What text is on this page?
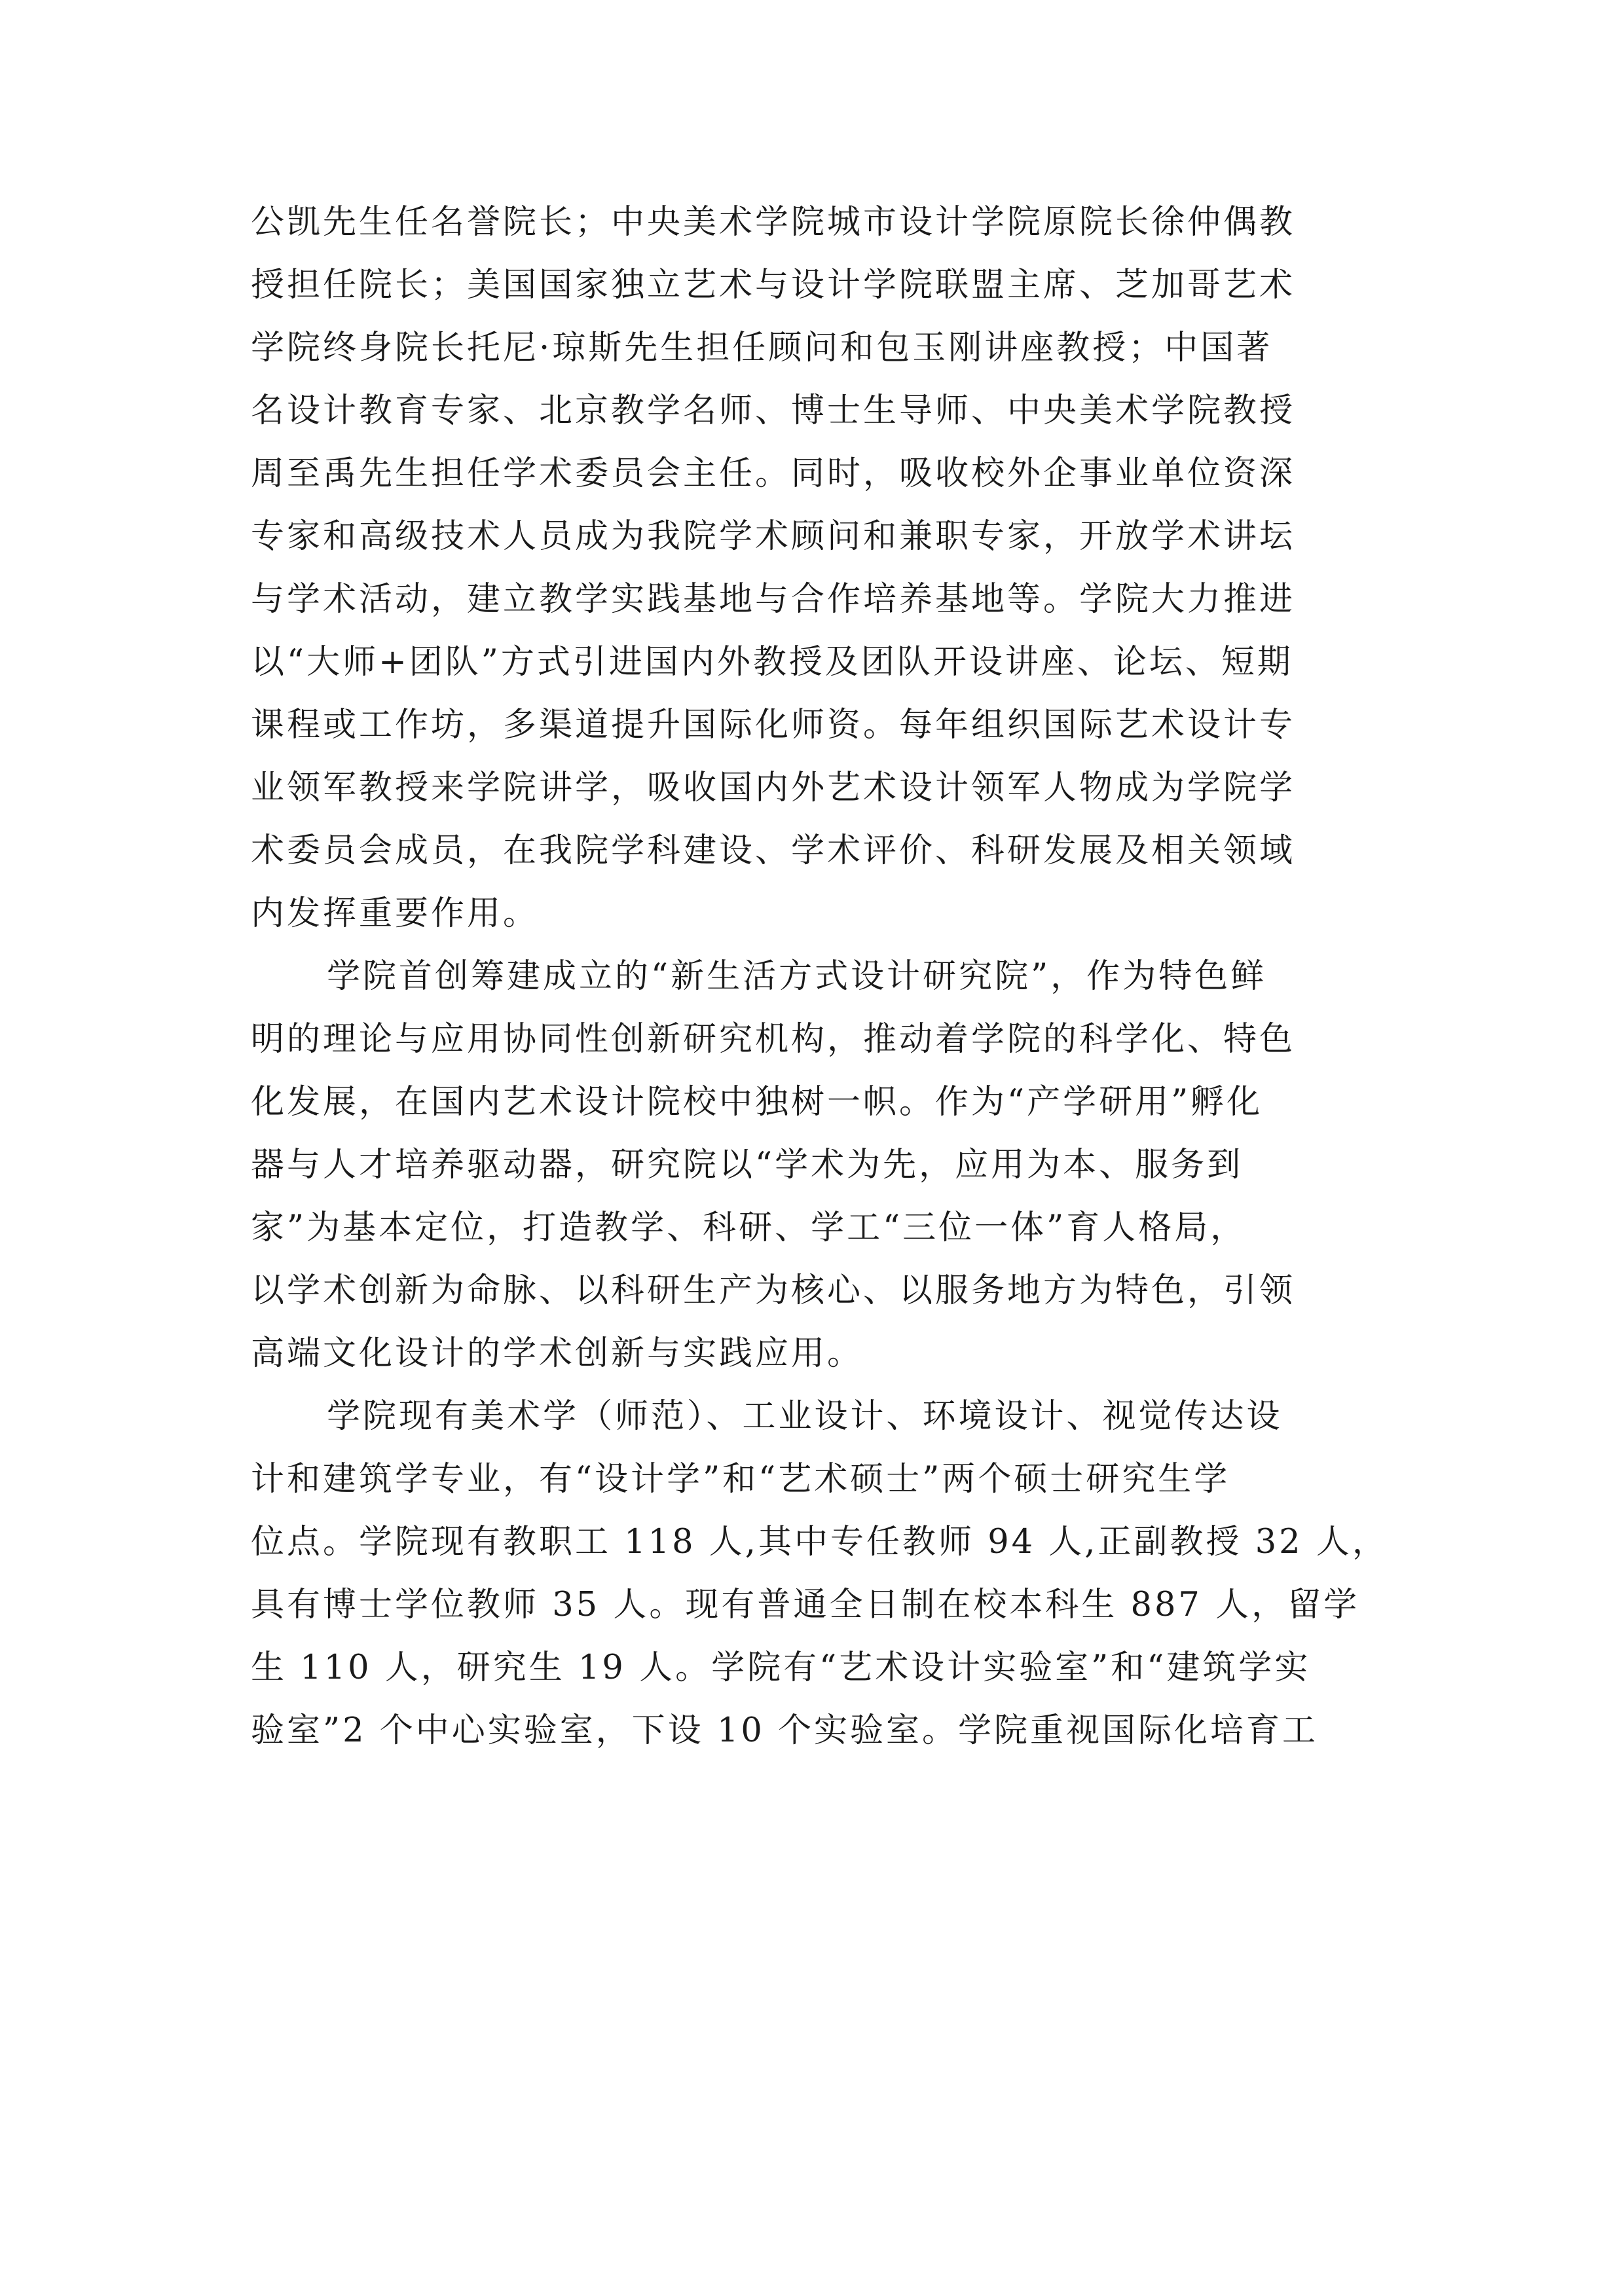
公凯先生任名誉院长；中央美术学院城市设计学院原院长徐仲偶教
授担任院长；美国国家独立艺术与设计学院联盟主席、芝加哥艺术
学院终身院长托尼·琼斯先生担任顾问和包玉刚讲座教授；中国著
名设计教育专家、北京教学名师、博士生导师、中央美术学院教授
周至禹先生担任学术委员会主任。同时，吸收校外企事业单位资深
专家和高级技术人员成为我院学术顾问和兼职专家，开放学术讲坛
与学术活动，建立教学实践基地与合作培养基地等。学院大力推进
以“大师+团队”方式引进国内外教授及团队开设讲座、论坛、短期
课程或工作坊，多渠道提升国际化师资。每年组织国际艺术设计专
业领军教授来学院讲学，吸收国内外艺术设计领军人物成为学院学
术委员会成员，在我院学科建设、学术评价、科研发展及相关领域
内发挥重要作用。
学院首创筹建成立的“新生活方式设计研究院”，作为特色鲜
明的理论与应用协同性创新研究机构，推动着学院的科学化、特色
化发展，在国内艺术设计院校中独树一帜。作为“产学研用”孵化
器与人才培养驱动器，研究院以“学术为先，应用为本、服务到
家”为基本定位，打造教学、科研、学工“三位一体”育人格局，
以学术创新为命脉、以科研生产为核心、以服务地方为特色，引领
高端文化设计的学术创新与实践应用。
学院现有美术学（师范）、工业设计、环境设计、视觉传达设
计和建筑学专业，有“设计学”和“艺术硕士”两个硕士研究生学
位点。学院现有教职工 118 人,其中专任教师 94 人,正副教授 32 人，
具有博士学位教师 35 人。现有普通全日制在校本科生 887 人，留学
生 110 人，研究生 19 人。学院有“艺术设计实验室”和“建筑学实
验室”2 个中心实验室，下设 10 个实验室。学院重视国际化培育工
